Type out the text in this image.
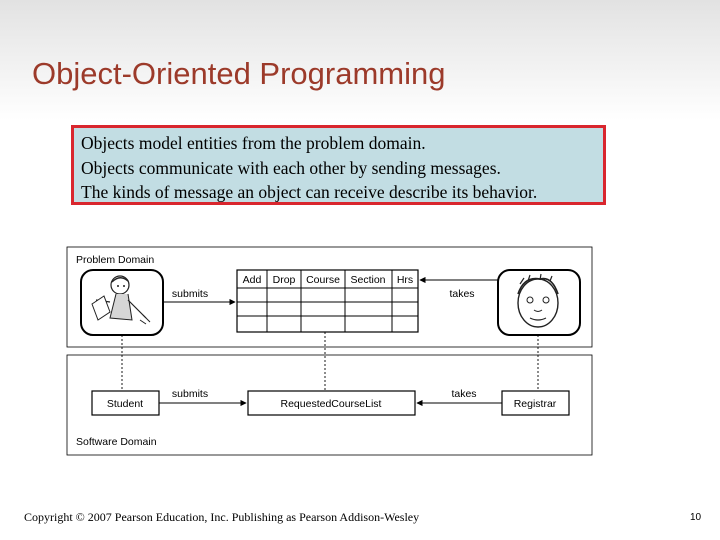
Object-Oriented Programming
Objects model entities from the problem domain.
Objects communicate with each other by sending messages.
The kinds of message an object can receive describe its behavior.
Problem Domain
Add Drop Course Section Hrs
submits	takes
Software Domain
Student	RequestedCourseList	Registrar
submits	takes
Copyright © 2007 Pearson Education, Inc. Publishing as Pearson Addison-Wesley	10
